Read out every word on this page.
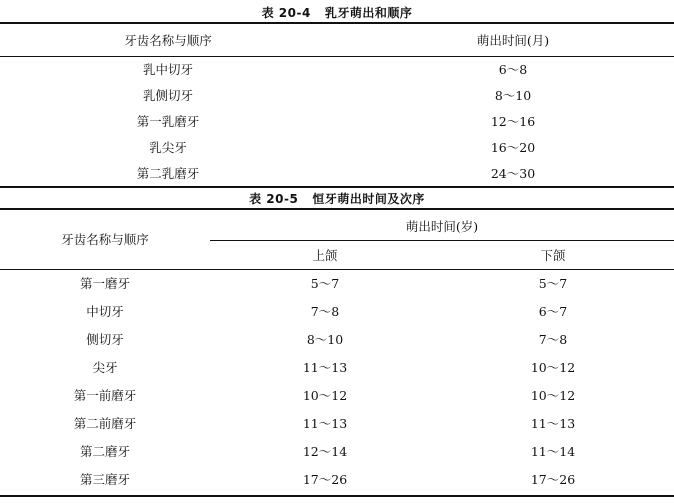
表 20-4 乳牙萌出和顺序
牙齿名称与顺序	萌出时间(月)
乳中切牙	6～8
乳侧切牙	8～10
第一乳磨牙	12～16
乳尖牙	16～20
第二乳磨牙	24～30
表 20-5 恒牙萌出时间及次序
牙齿名称与顺序
萌出时间(岁)
上颌	下颌
第一磨牙	5～7	5～7
中切牙	7～8	6～7
侧切牙	8～10	7～8
尖牙	11～13	10～12
第一前磨牙	10～12	10～12
第二前磨牙	11～13	11～13
第二磨牙	12～14	11～14
第三磨牙	17～26	17～26
